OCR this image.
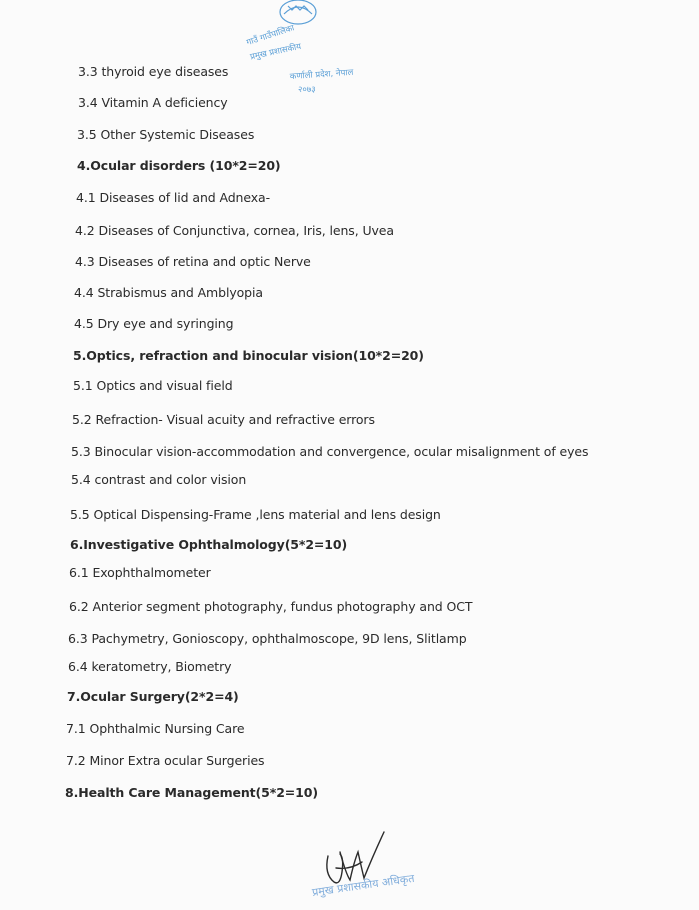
गाउँ गाउँपालिका
प्रमुख प्रशासकीय
कर्णाली प्रदेश, नेपाल
२०७३
3.3 thyroid eye diseases
3.4 Vitamin A deficiency
3.5 Other Systemic Diseases
4.Ocular disorders (10*2=20)
4.1 Diseases of lid and Adnexa-
4.2 Diseases of Conjunctiva, cornea, Iris, lens, Uvea
4.3 Diseases of retina and optic Nerve
4.4 Strabismus and Amblyopia
4.5 Dry eye and syringing
5.Optics, refraction and binocular vision(10*2=20)
5.1 Optics and visual field
5.2 Refraction- Visual acuity and refractive errors
5.3 Binocular vision-accommodation and convergence, ocular misalignment of eyes
5.4 contrast and color vision
5.5 Optical Dispensing-Frame ,lens material and lens design
6.Investigative Ophthalmology(5*2=10)
6.1 Exophthalmometer
6.2 Anterior segment photography, fundus photography and OCT
6.3 Pachymetry, Gonioscopy, ophthalmoscope, 9D lens, Slitlamp
6.4 keratometry, Biometry
7.Ocular Surgery(2*2=4)
7.1 Ophthalmic Nursing Care
7.2 Minor Extra ocular Surgeries
8.Health Care Management(5*2=10)
प्रमुख प्रशासकीय अधिकृत
